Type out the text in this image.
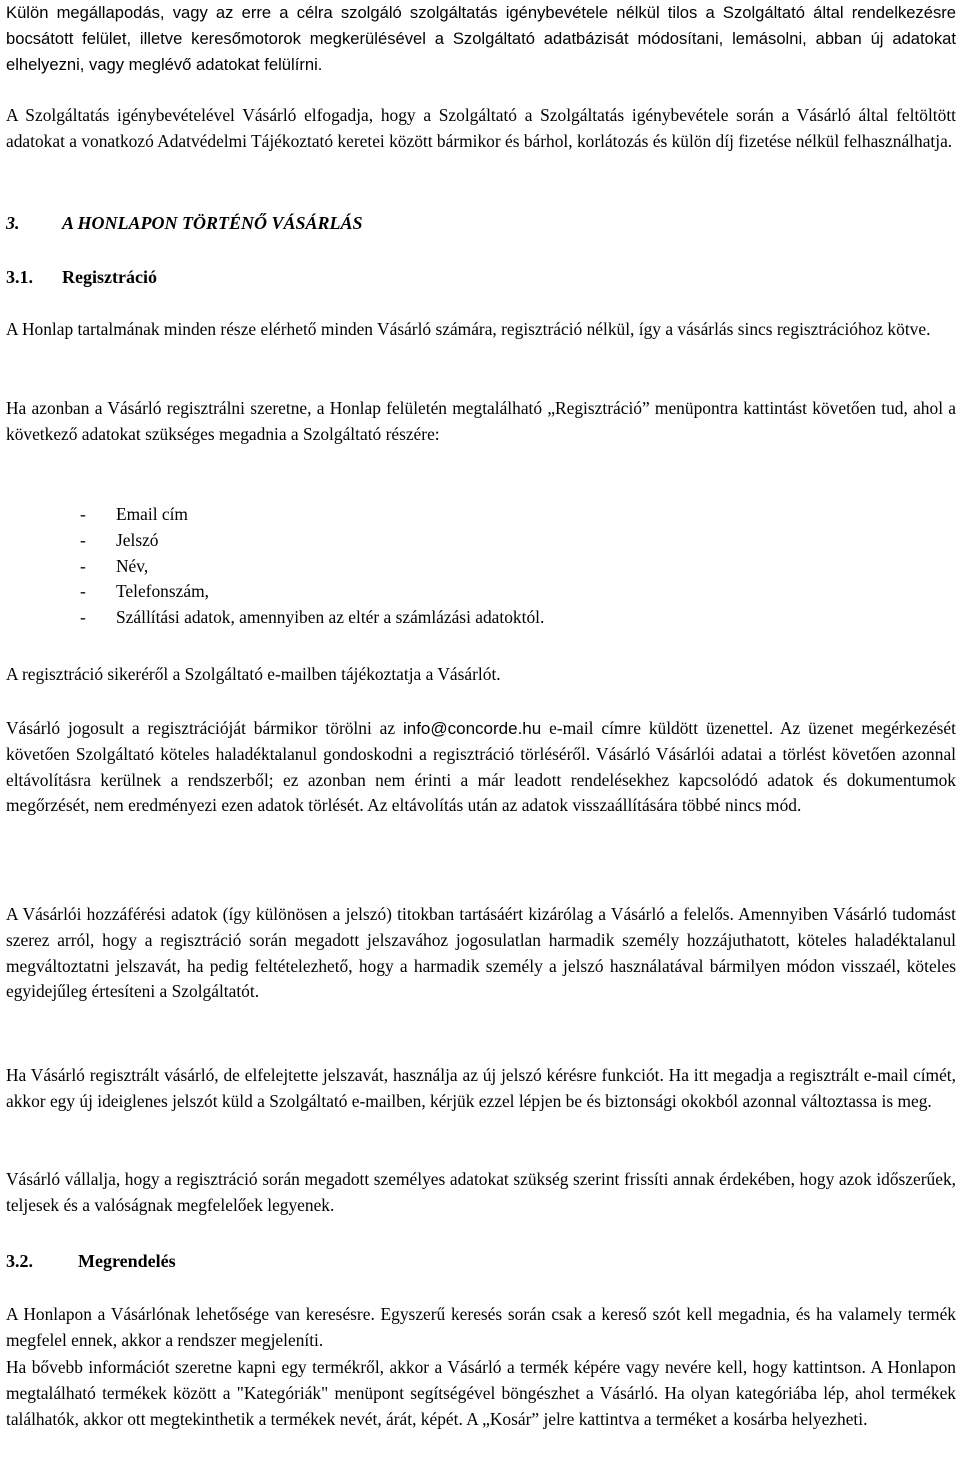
Külön megállapodás, vagy az erre a célra szolgáló szolgáltatás igénybevétele nélkül tilos a Szolgáltató által rendelkezésre bocsátott felület, illetve keresőmotorok megkerülésével a Szolgáltató adatbázisát módosítani, lemásolni, abban új adatokat elhelyezni, vagy meglévő adatokat felülírni.

A Szolgáltatás igénybevételével Vásárló elfogadja, hogy a Szolgáltató a Szolgáltatás igénybevétele során a Vásárló által feltöltött adatokat a vonatkozó Adatvédelmi Tájékoztató keretei között bármikor és bárhol, korlátozás és külön díj fizetése nélkül felhasználhatja.

3. A HONLAPON TÖRTÉNŐ VÁSÁRLÁS
3.1. Regisztráció

A Honlap tartalmának minden része elérhető minden Vásárló számára, regisztráció nélkül, így a vásárlás sincs regisztrációhoz kötve.

Ha azonban a Vásárló regisztrálni szeretne, a Honlap felületén megtalálható „Regisztráció” menüpontra kattintást követően tud, ahol a következő adatokat szükséges megadnia a Szolgáltató részére:

- Email cím
- Jelszó
- Név,
- Telefonszám,
- Szállítási adatok, amennyiben az eltér a számlázási adatoktól.

A regisztráció sikeréről a Szolgáltató e-mailben tájékoztatja a Vásárlót.

Vásárló jogosult a regisztrációját bármikor törölni az info@concorde.hu e-mail címre küldött üzenettel. Az üzenet megérkezését követően Szolgáltató köteles haladéktalanul gondoskodni a regisztráció törléséről. Vásárló Vásárlói adatai a törlést követően azonnal eltávolításra kerülnek a rendszerből; ez azonban nem érinti a már leadott rendelésekhez kapcsolódó adatok és dokumentumok megőrzését, nem eredményezi ezen adatok törlését. Az eltávolítás után az adatok visszaállítására többé nincs mód.

A Vásárlói hozzáférési adatok (így különösen a jelszó) titokban tartásáért kizárólag a Vásárló a felelős. Amennyiben Vásárló tudomást szerez arról, hogy a regisztráció során megadott jelszavához jogosulatlan harmadik személy hozzájuthatott, köteles haladéktalanul megváltoztatni jelszavát, ha pedig feltételezhető, hogy a harmadik személy a jelszó használatával bármilyen módon visszaél, köteles egyidejűleg értesíteni a Szolgáltatót.

Ha Vásárló regisztrált vásárló, de elfelejtette jelszavát, használja az új jelszó kérésre funkciót. Ha itt megadja a regisztrált e-mail címét, akkor egy új ideiglenes jelszót küld a Szolgáltató e-mailben, kérjük ezzel lépjen be és biztonsági okokból azonnal változtassa is meg.

Vásárló vállalja, hogy a regisztráció során megadott személyes adatokat szükség szerint frissíti annak érdekében, hogy azok időszerűek, teljesek és a valóságnak megfelelőek legyenek.

3.2.	Megrendelés

A Honlapon a Vásárlónak lehetősége van keresésre. Egyszerű keresés során csak a kereső szót kell megadnia, és ha valamely termék megfelel ennek, akkor a rendszer megjeleníti.

Ha bővebb információt szeretne kapni egy termékről, akkor a Vásárló a termék képére vagy nevére kell, hogy kattintson. A Honlapon megtalálható termékek között a "Kategóriák" menüpont segítségével böngészhet a Vásárló. Ha olyan kategóriába lép, ahol termékek találhatók, akkor ott megtekinthetik a termékek nevét, árát, képét. A „Kosár” jelre kattintva a terméket a kosárba helyezheti.
